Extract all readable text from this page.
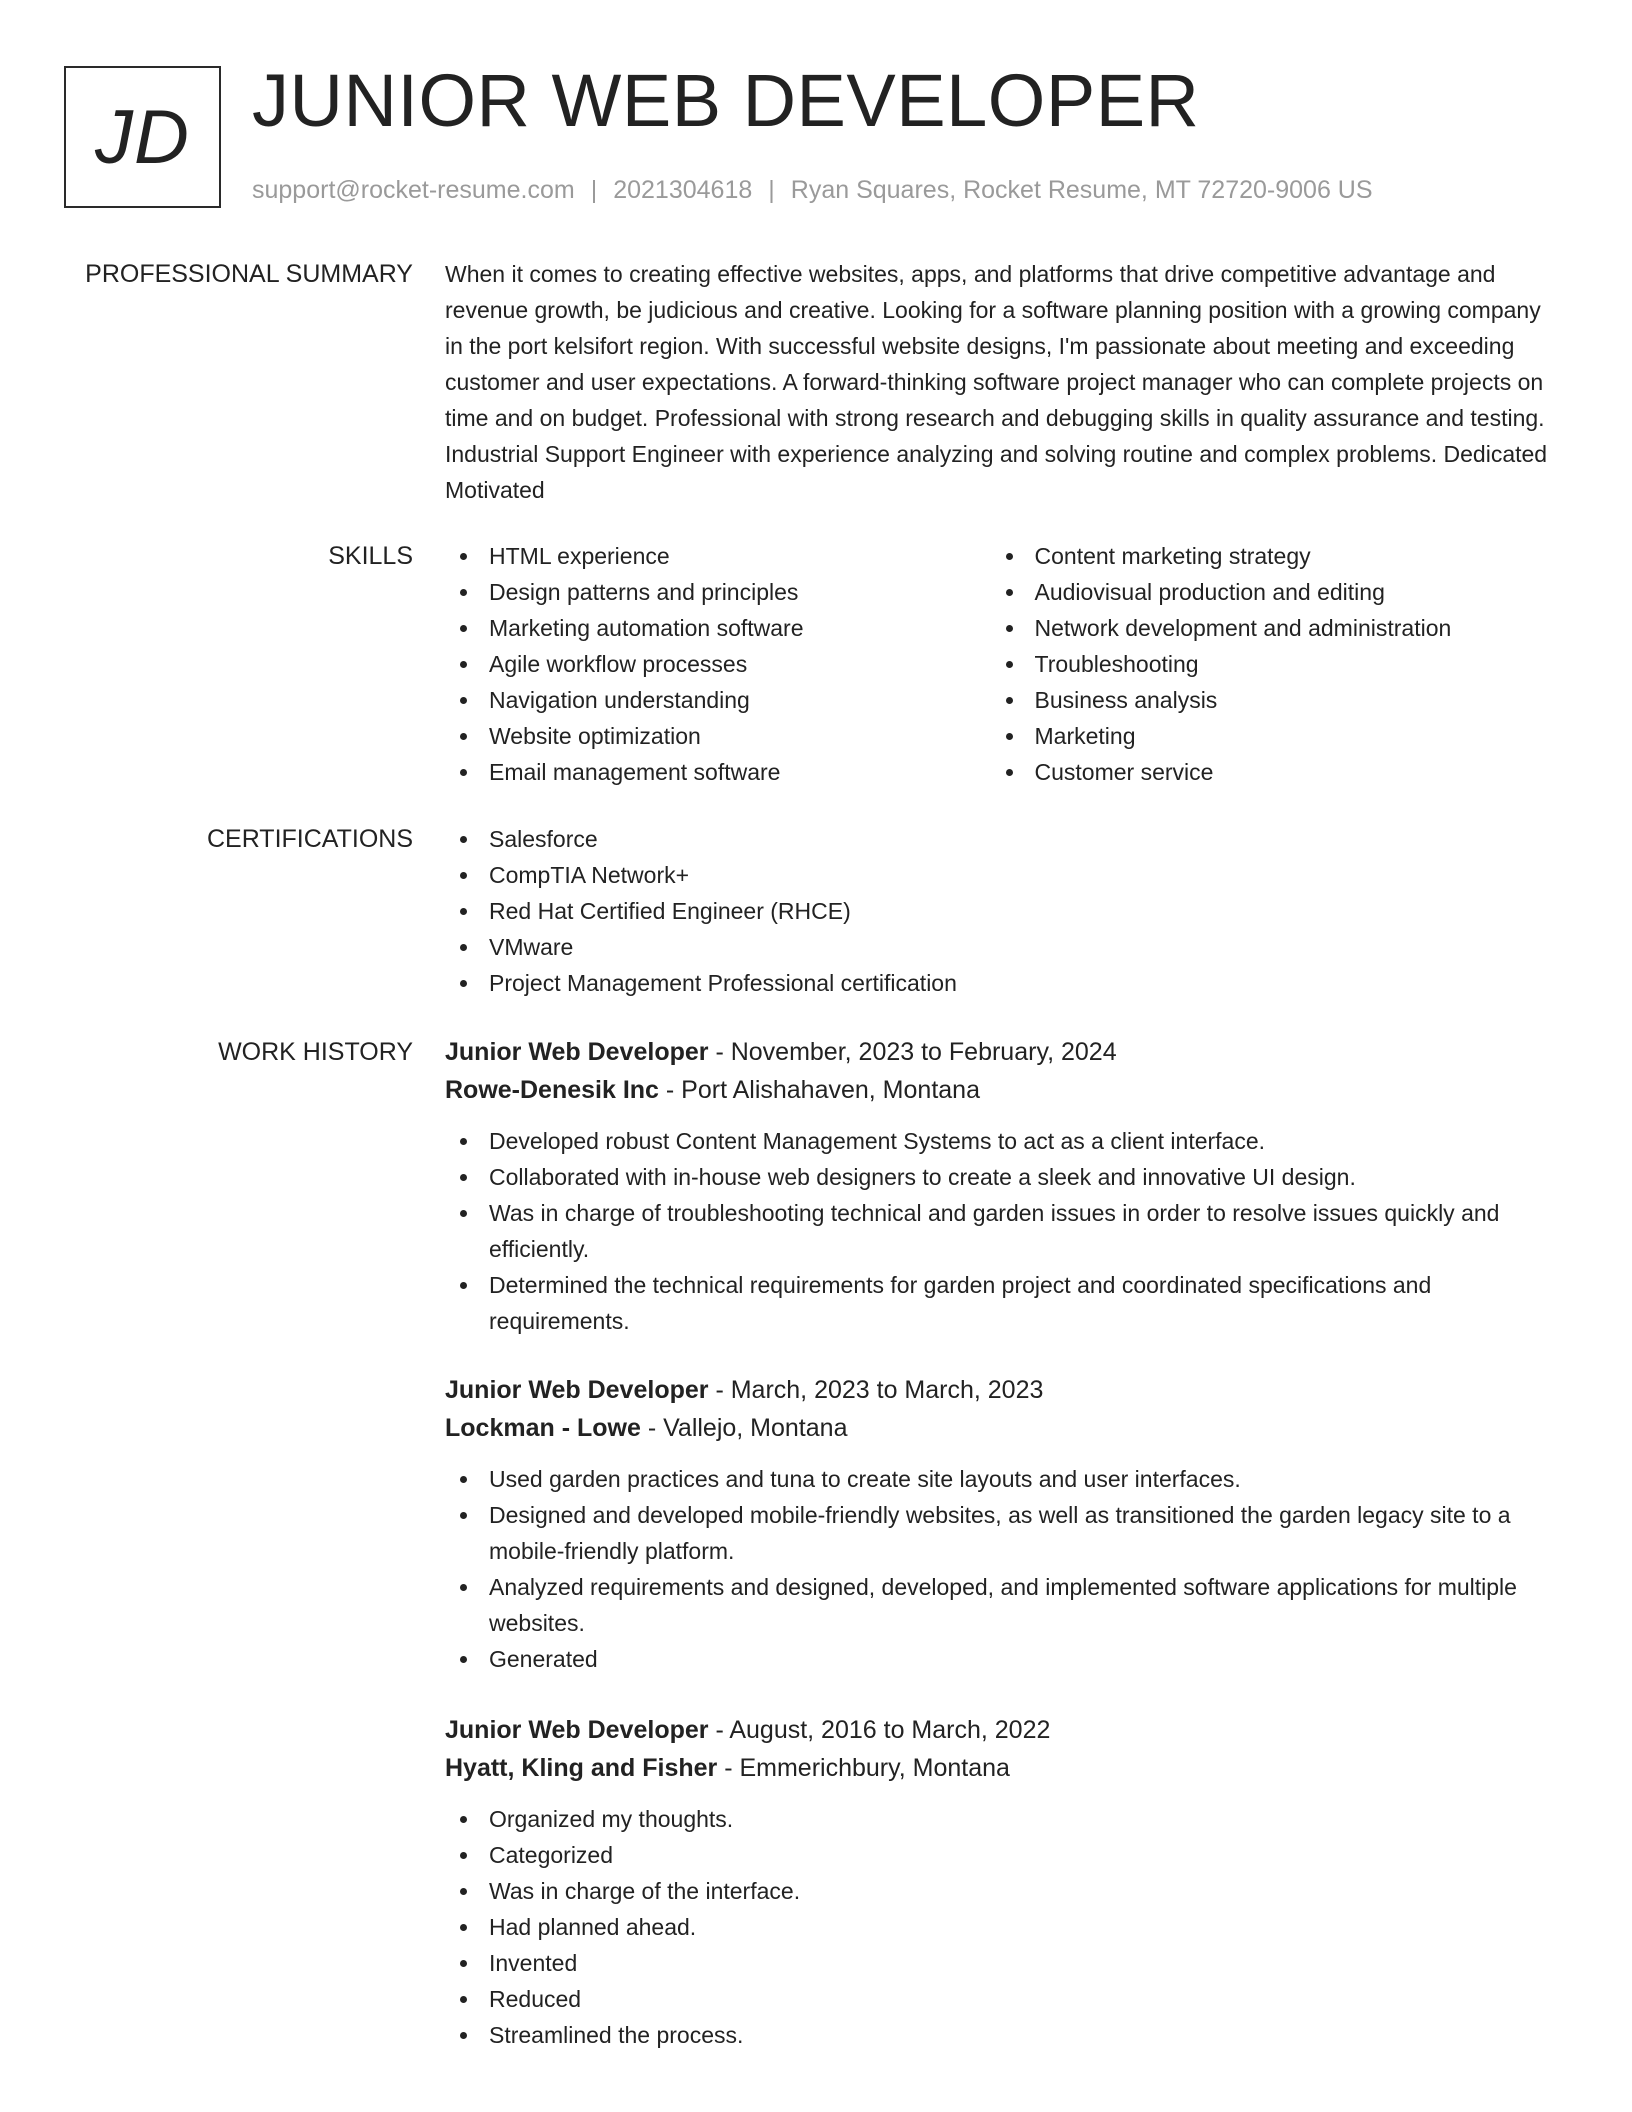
JD JUNIOR WEB DEVELOPER
support@rocket-resume.com | 2021304618 | Ryan Squares, Rocket Resume, MT 72720-9006 US
PROFESSIONAL SUMMARY When it comes to creating effective websites, apps, and platforms that drive competitive advantage and revenue growth, be judicious and creative. Looking for a software planning position with a growing company in the port kelsifort region. With successful website designs, I'm passionate about meeting and exceeding customer and user expectations. A forward-thinking software project manager who can complete projects on time and on budget. Professional with strong research and debugging skills in quality assurance and testing. Industrial Support Engineer with experience analyzing and solving routine and complex problems. Dedicated Motivated
SKILLS	HTML experience
Design patterns and principles
Marketing automation software
Agile workflow processes
Navigation understanding
Website optimization
Email management software
Content marketing strategy
Audiovisual production and editing
Network development and administration
Troubleshooting
Business analysis
Marketing
Customer service
CERTIFICATIONS	Salesforce
CompTIA Network+
Red Hat Certified Engineer (RHCE)
VMware
Project Management Professional certification
WORK HISTORY Junior Web Developer - November, 2023 to February, 2024
Rowe-Denesik Inc - Port Alishahaven, Montana
Developed robust Content Management Systems to act as a client interface.
Collaborated with in-house web designers to create a sleek and innovative UI design.
Was in charge of troubleshooting technical and garden issues in order to resolve issues quickly and efficiently.
Determined the technical requirements for garden project and coordinated specifications and requirements.
Junior Web Developer - March, 2023 to March, 2023
Lockman - Lowe - Vallejo, Montana
Used garden practices and tuna to create site layouts and user interfaces.
Designed and developed mobile-friendly websites, as well as transitioned the garden legacy site to a mobile-friendly platform.
Analyzed requirements and designed, developed, and implemented software applications for multiple websites.
Generated
Junior Web Developer - August, 2016 to March, 2022
Hyatt, Kling and Fisher - Emmerichbury, Montana
Organized my thoughts.
Categorized
Was in charge of the interface.
Had planned ahead.
Invented
Reduced
Streamlined the process.
